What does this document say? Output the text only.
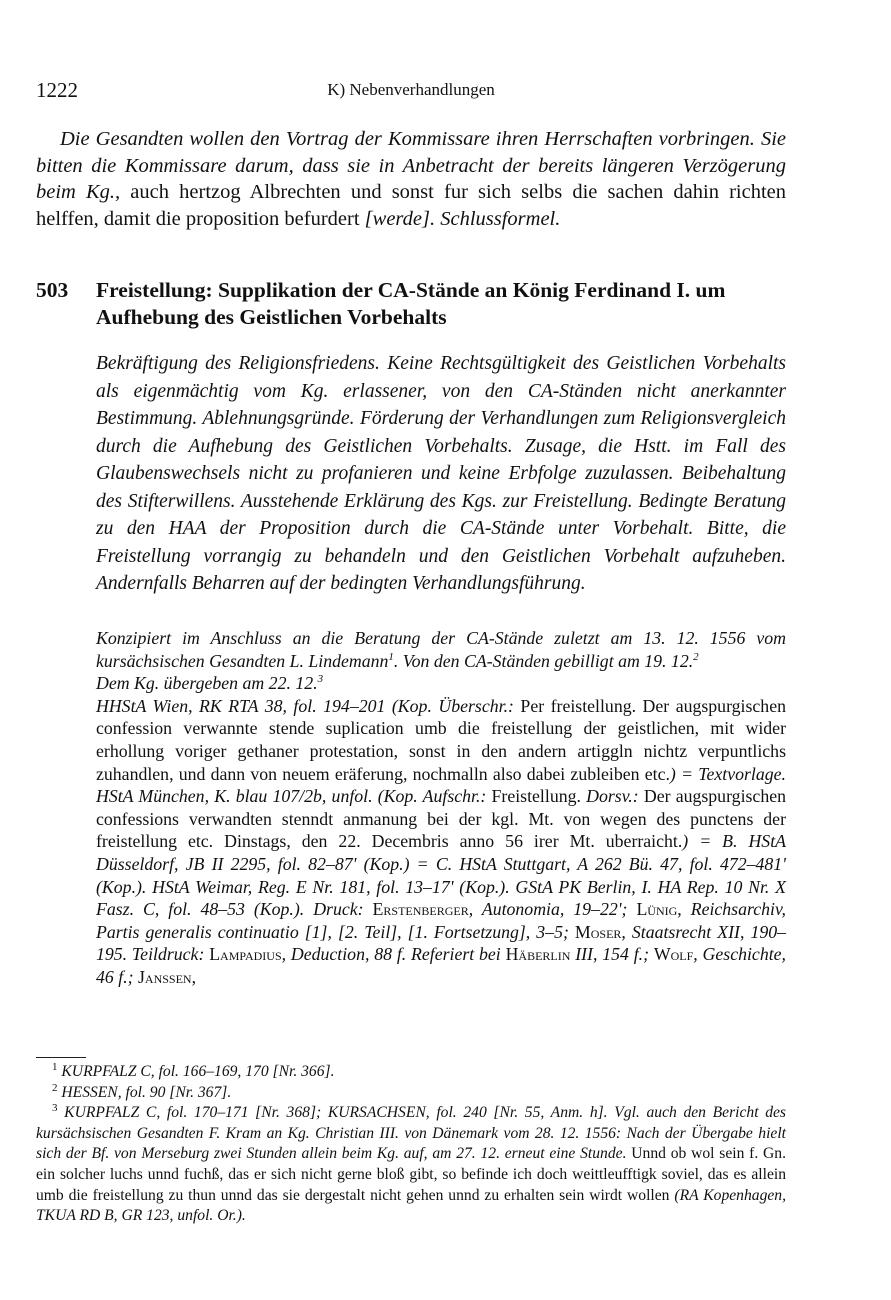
1222	K) Nebenverhandlungen
Die Gesandten wollen den Vortrag der Kommissare ihren Herrschaften vorbringen. Sie bitten die Kommissare darum, dass sie in Anbetracht der bereits längeren Verzögerung beim Kg., auch hertzog Albrechten und sonst fur sich selbs die sachen dahin richten helffen, damit die proposition befurdert [werde]. Schlussformel.
503 Freistellung: Supplikation der CA-Stände an König Ferdinand I. um Aufhebung des Geistlichen Vorbehalts
Bekräftigung des Religionsfriedens. Keine Rechtsgültigkeit des Geistlichen Vorbehalts als eigenmächtig vom Kg. erlassener, von den CA-Ständen nicht anerkannter Bestimmung. Ablehnungsgründe. Förderung der Verhandlungen zum Religionsvergleich durch die Aufhebung des Geistlichen Vorbehalts. Zusage, die Hstt. im Fall des Glaubenswechsels nicht zu profanieren und keine Erbfolge zuzulassen. Beibehaltung des Stifterwillens. Ausstehende Erklärung des Kgs. zur Freistellung. Bedingte Beratung zu den HAA der Proposition durch die CA-Stände unter Vorbehalt. Bitte, die Freistellung vorrangig zu behandeln und den Geistlichen Vorbehalt aufzuheben. Andernfalls Beharren auf der bedingten Verhandlungsführung.
Konzipiert im Anschluss an die Beratung der CA-Stände zuletzt am 13. 12. 1556 vom kursächsischen Gesandten L. Lindemann$^1$. Von den CA-Ständen gebilligt am 19. 12.$^2$
Dem Kg. übergeben am 22. 12.$^3$
HHStA Wien, RK RTA 38, fol. 194–201 (Kop. Überschr.: Per freistellung. Der augspurgischen confession verwannte stende suplication umb die freistellung der geistlichen, mit wider erhollung voriger gethaner protestation, sonst in den andern artiggln nichtz verpuntlichs zuhandlen, und dann von neuem eräferung, nochmalln also dabei zubleiben etc.) = Textvorlage. HStA München, K. blau 107/2b, unfol. (Kop. Aufschr.: Freistellung. Dorsv.: Der augspurgischen confessions verwandten stenndt anmanung bei der kgl. Mt. von wegen des punctens der freistellung etc. Dinstags, den 22. Decembris anno 56 irer Mt. uberraicht.) = B. HStA Düsseldorf, JB II 2295, fol. 82–87' (Kop.) = C. HStA Stuttgart, A 262 Bü. 47, fol. 472–481' (Kop.). HStA Weimar, Reg. E Nr. 181, fol. 13–17' (Kop.). GStA PK Berlin, I. HA Rep. 10 Nr. X Fasz. C, fol. 48–53 (Kop.). Druck: Erstenberger, Autonomia, 19–22'; Lünig, Reichsarchiv, Partis generalis continuatio [1], [2. Teil], [1. Fortsetzung], 3–5; Moser, Staatsrecht XII, 190–195. Teildruck: Lampadius, Deduction, 88 f. Referiert bei Häberlin III, 154 f.; Wolf, Geschichte, 46 f.; Janssen,
$^1$ KURPFALZ C, fol. 166–169, 170 [Nr. 366].
$^2$ HESSEN, fol. 90 [Nr. 367].
$^3$ KURPFALZ C, fol. 170–171 [Nr. 368]; KURSACHSEN, fol. 240 [Nr. 55, Anm. h]. Vgl. auch den Bericht des kursächsischen Gesandten F. Kram an Kg. Christian III. von Dänemark vom 28. 12. 1556: Nach der Übergabe hielt sich der Bf. von Merseburg zwei Stunden allein beim Kg. auf, am 27. 12. erneut eine Stunde. Unnd ob wol sein f. Gn. ein solcher luchs unnd fuchß, das er sich nicht gerne bloß gibt, so befinde ich doch weittleufftigk soviel, das es allein umb die freistellung zu thun unnd das sie dergestalt nicht gehen unnd zu erhalten sein wirdt wollen (RA Kopenhagen, TKUA RD B, GR 123, unfol. Or.).
